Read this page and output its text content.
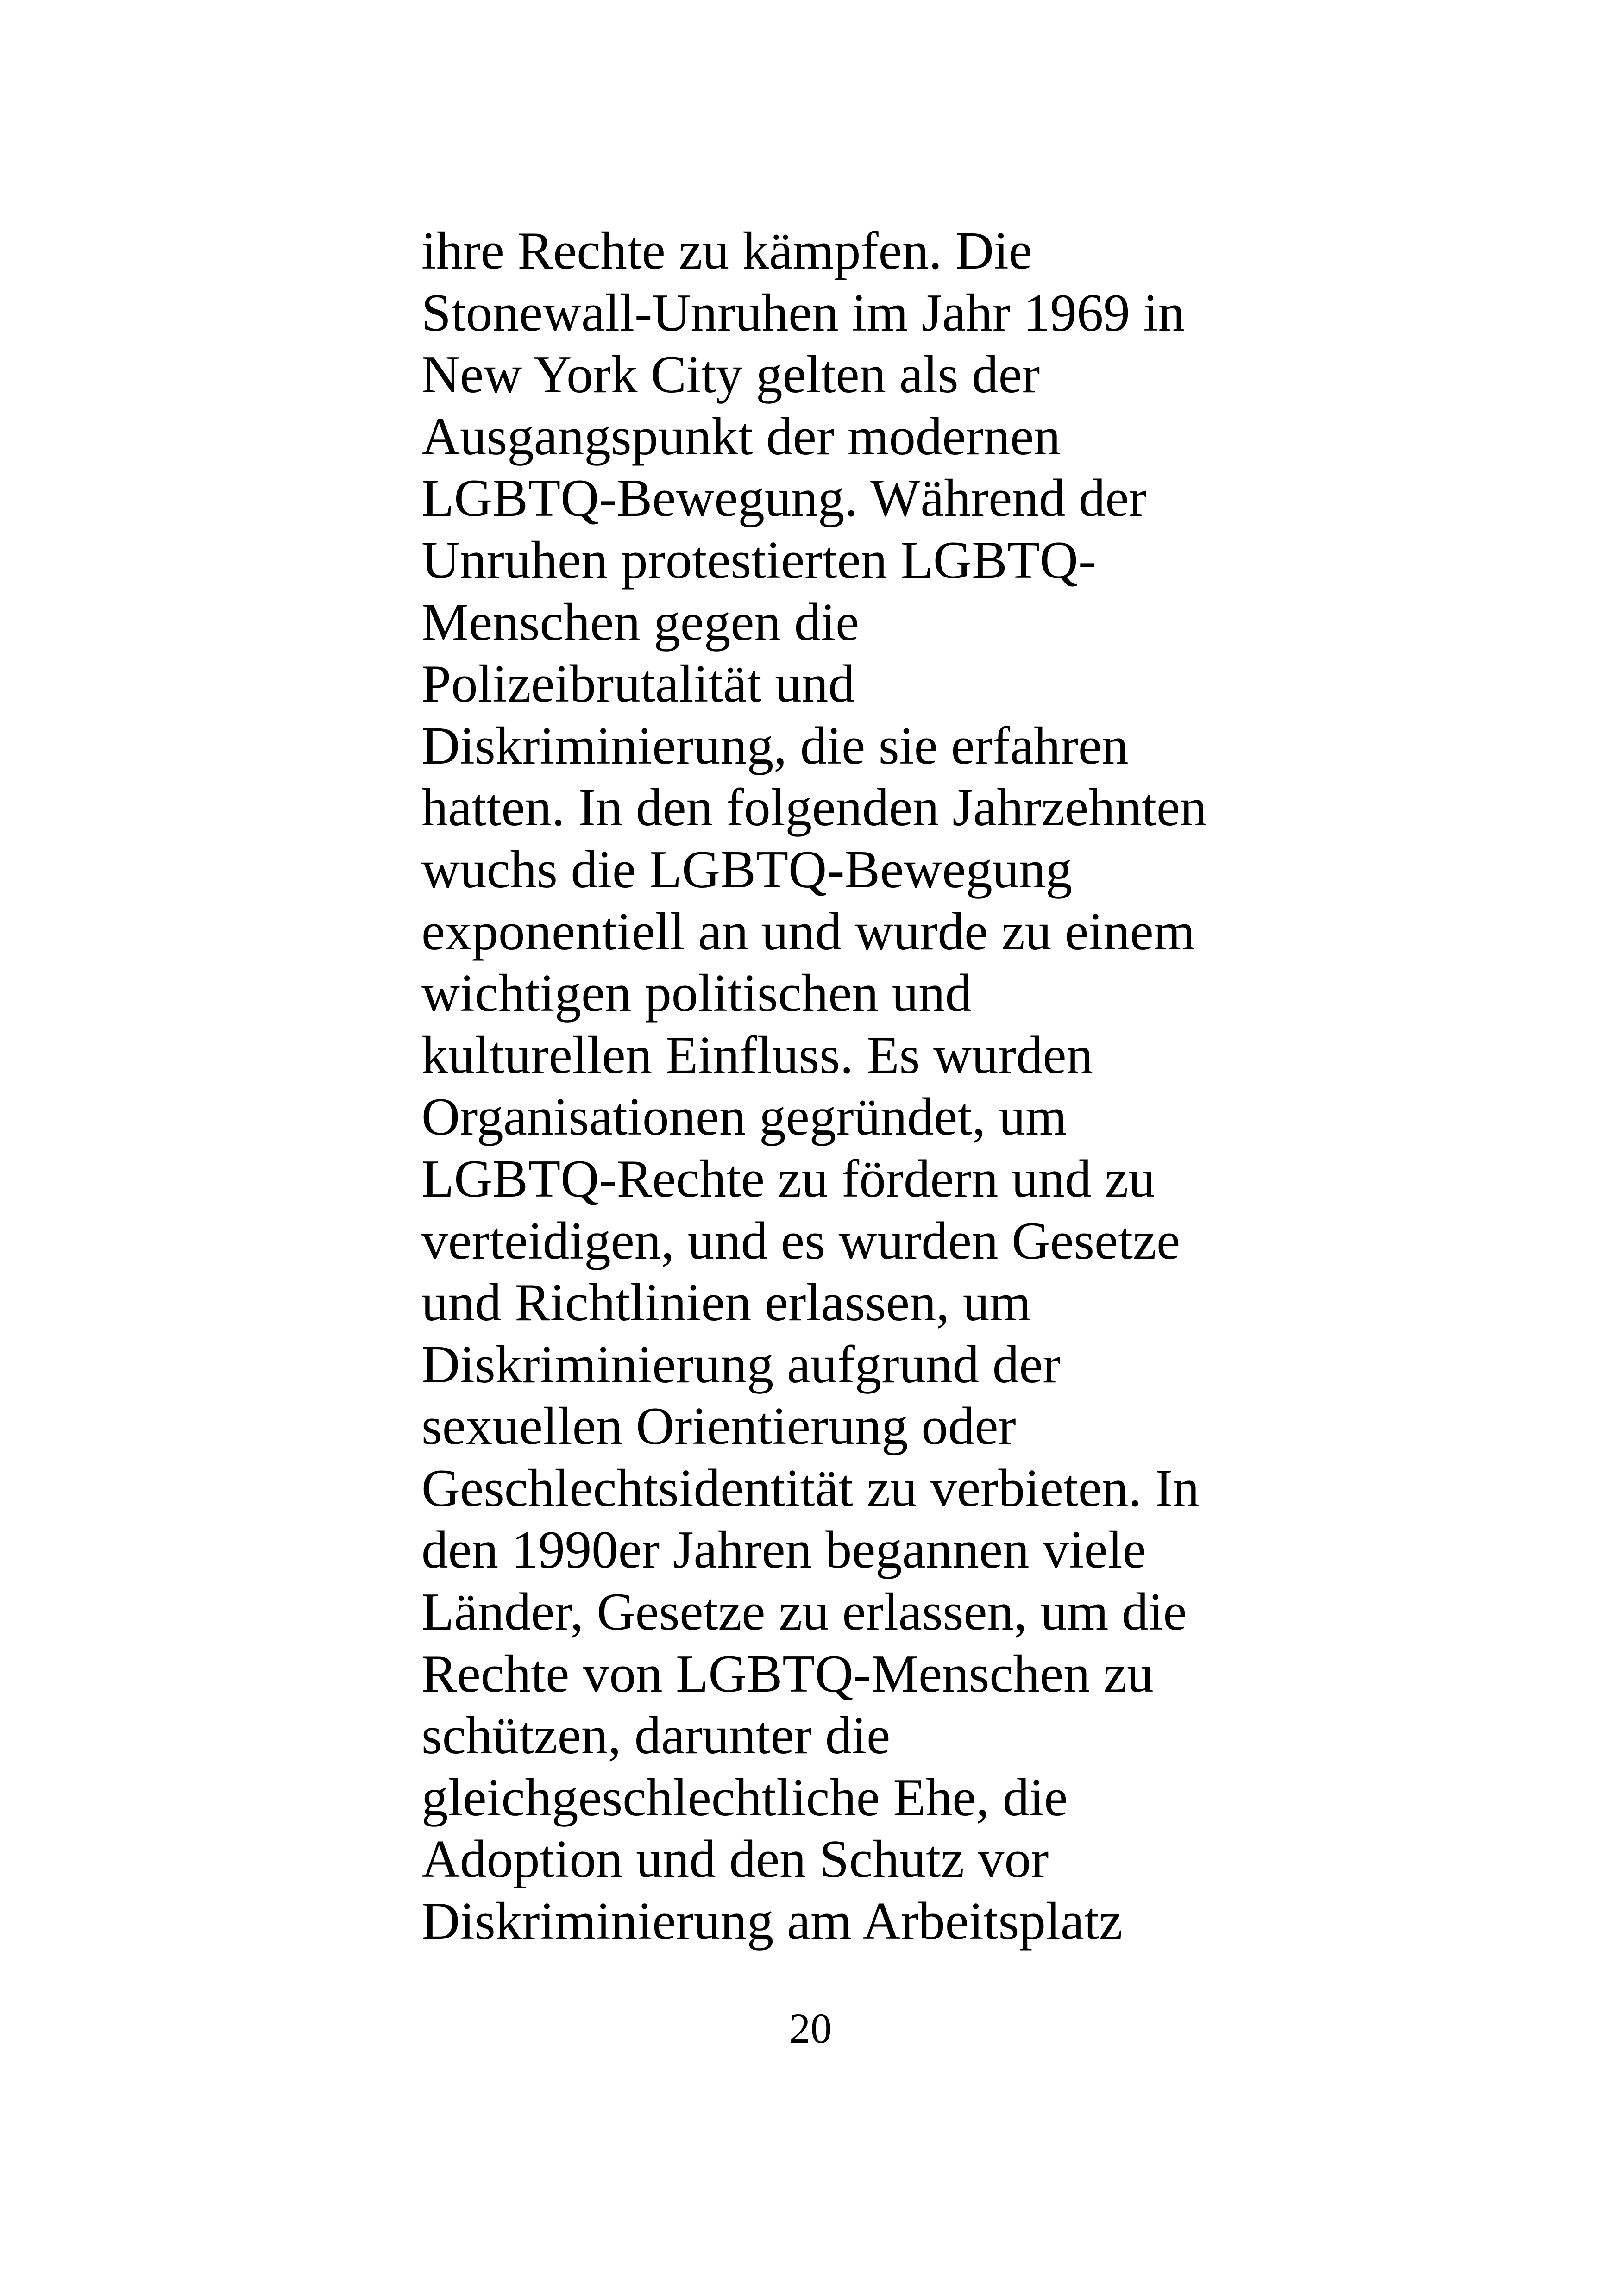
ihre Rechte zu kämpfen. Die
Stonewall-Unruhen im Jahr 1969 in
New York City gelten als der
Ausgangspunkt der modernen
LGBTQ-Bewegung. Während der
Unruhen protestierten LGBTQ-
Menschen gegen die
Polizeibrutalität und
Diskriminierung, die sie erfahren
hatten. In den folgenden Jahrzehnten
wuchs die LGBTQ-Bewegung
exponentiell an und wurde zu einem
wichtigen politischen und
kulturellen Einfluss. Es wurden
Organisationen gegründet, um
LGBTQ-Rechte zu fördern und zu
verteidigen, und es wurden Gesetze
und Richtlinien erlassen, um
Diskriminierung aufgrund der
sexuellen Orientierung oder
Geschlechtsidentität zu verbieten. In
den 1990er Jahren begannen viele
Länder, Gesetze zu erlassen, um die
Rechte von LGBTQ-Menschen zu
schützen, darunter die
gleichgeschlechtliche Ehe, die
Adoption und den Schutz vor
Diskriminierung am Arbeitsplatz
20
